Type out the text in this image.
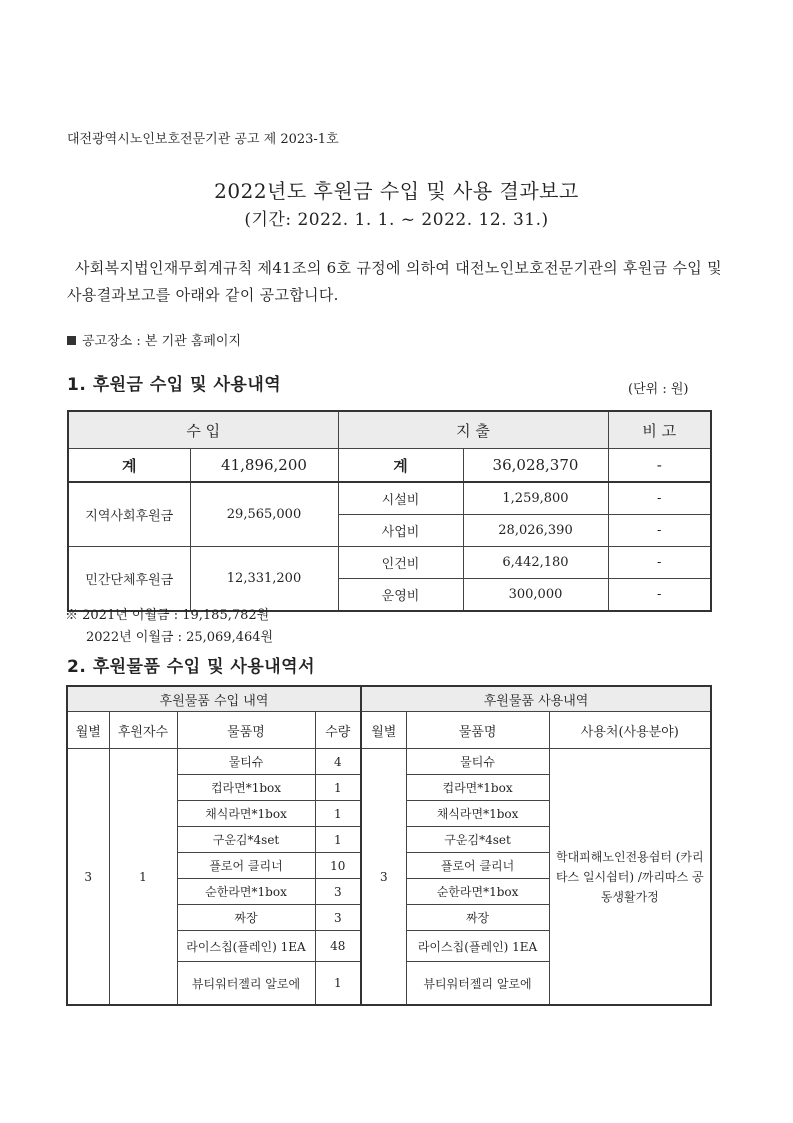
대전광역시노인보호전문기관 공고 제 2023-1호
2022년도 후원금 수입 및 사용 결과보고
(기간: 2022. 1. 1. ~ 2022. 12. 31.)
사회복지법인재무회계규칙 제41조의 6호 규정에 의하여 대전노인보호전문기관의 후원금 수입 및 사용결과보고를 아래와 같이 공고합니다.
공고장소 : 본 기관 홈페이지
1. 후원금 수입 및 사용내역	(단위 : 원)
수 입		지 출		비 고
계	41,896,200	계	36,028,370	-
지역사회후원금	29,565,000	시설비	1,259,800	-
		사업비	28,026,390	-
민간단체후원금	12,331,200	인건비	6,442,180	-
		운영비	300,000	-
※ 2021년 이월금 : 19,185,782원
2022년 이월금 : 25,069,464원
2. 후원물품 수입 및 사용내역서
후원물품 수입 내역				후원물품 사용내역		
월별	후원자수	물품명	수량	월별	물품명	사용처(사용분야)
3	1	물티슈	4	3	물티슈	학대피해노인전용쉼터 (카리타스 일시쉼터) /까리따스 공동생활가정
		컵라면*1box	1		컵라면*1box	
		채식라면*1box	1		채식라면*1box	
		구운김*4set	1		구운김*4set	
		플로어 클리너	10		플로어 클리너	
		순한라면*1box	3		순한라면*1box	
		짜장	3		짜장	
		라이스칩(플레인) 1EA	48		라이스칩(플레인) 1EA	
		뷰티워터젤리 알로에	1		뷰티워터젤리 알로에	
